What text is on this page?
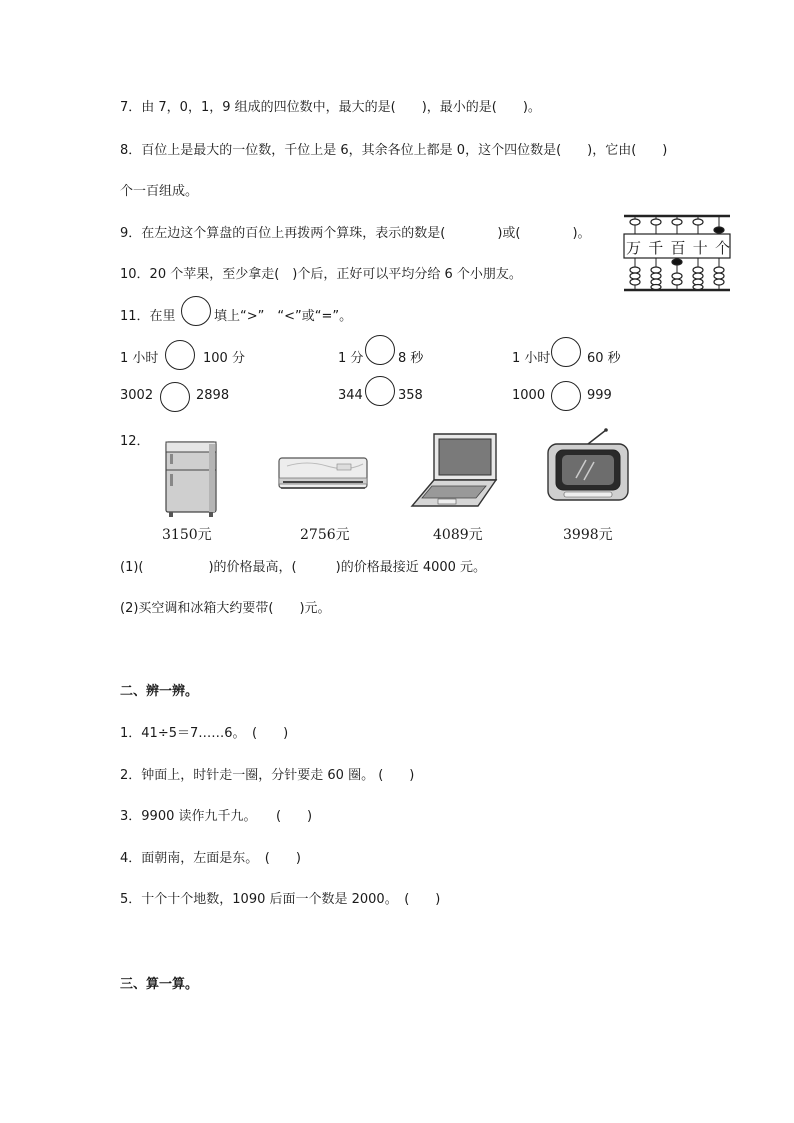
7．由 7，0，1，9 组成的四位数中，最大的是(　　)，最小的是(　　)。
8．百位上是最大的一位数，千位上是 6，其余各位上都是 0，这个四位数是(　　)，它由(　　)
个一百组成。
9．在左边这个算盘的百位上再拨两个算珠，表示的数是(　　　　)或(　　　　)。
万 千 百 十 个
10．20 个苹果，至少拿走(　)个后，正好可以平均分给 6 个小朋友。
11．在里	填上“>”　“<”或“=”。
1 小时	100 分	1 分	8 秒	1 小时	60 秒
3002	2898	344	358	1000	999
12．
3150元	2756元	4089元	3998元
(1)(　　　　　)的价格最高，(　　　)的价格最接近 4000 元。
(2)买空调和冰箱大约要带(　　)元。
二、辨一辨。
1．41÷5＝7……6。　(　　)
2．钟面上，时针走一圈，分针要走 60 圈。 (　　)
3．9900 读作九千九。　　(　　)
4．面朝南，左面是东。　(　　)
5．十个十个地数，1090 后面一个数是 2000。　(　　)
三、算一算。
